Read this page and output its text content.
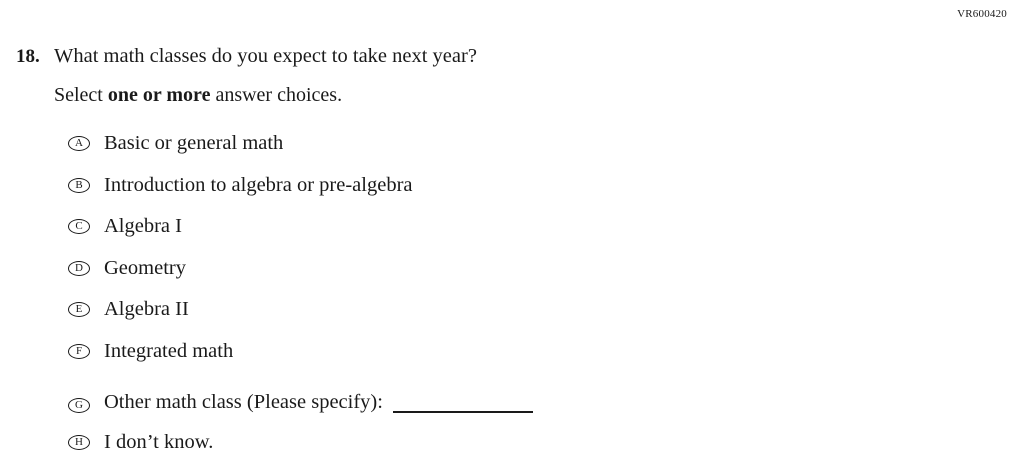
VR600420
18. What math classes do you expect to take next year?
Select one or more answer choices.
A	Basic or general math
B	Introduction to algebra or pre-algebra
C	Algebra I
D	Geometry
E	Algebra II
F	Integrated math
G	Other math class (Please specify):
H	I don’t know.
